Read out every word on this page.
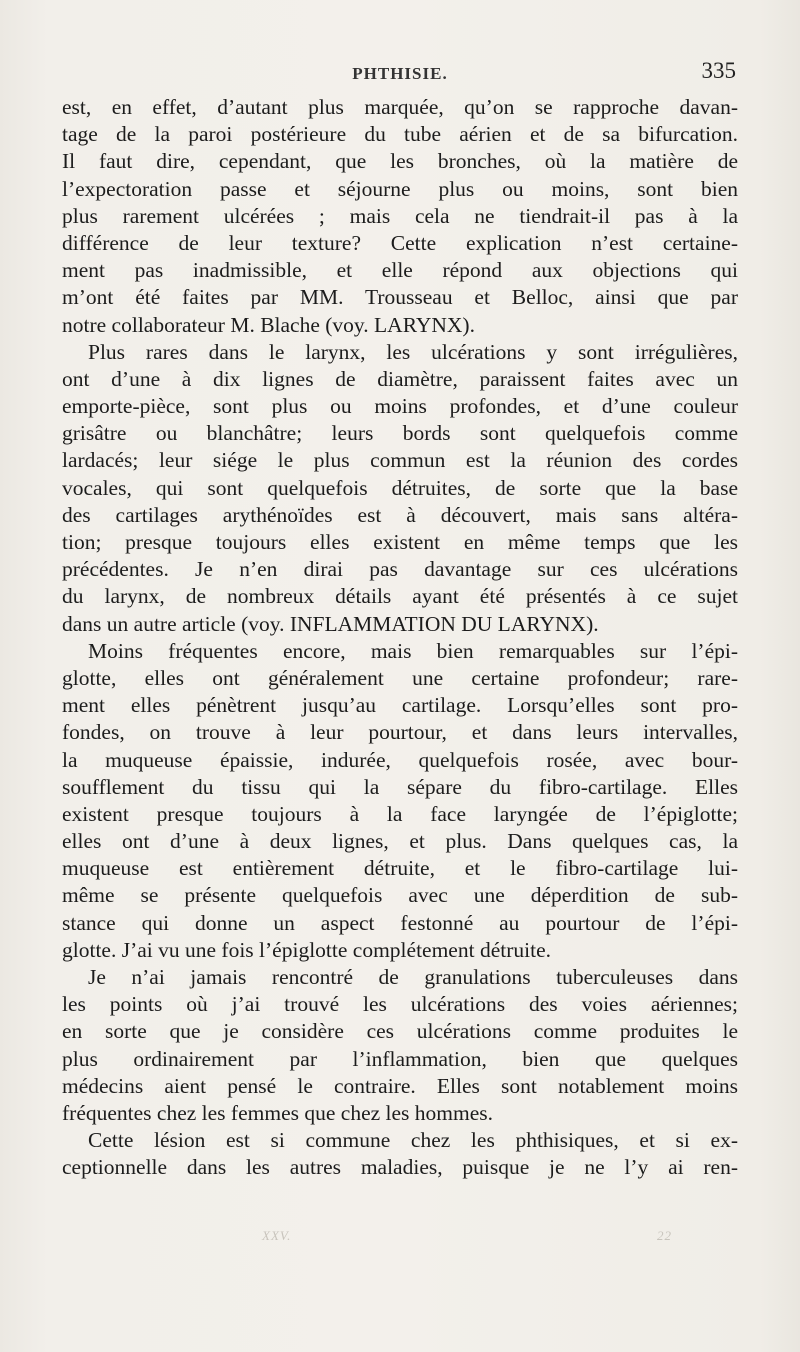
PHTHISIE.	335
est, en effet, d’autant plus marquée, qu’on se rapproche davan-
tage de la paroi postérieure du tube aérien et de sa bifurcation.
Il faut dire, cependant, que les bronches, où la matière de
l’expectoration passe et séjourne plus ou moins, sont bien
plus rarement ulcérées ; mais cela ne tiendrait-il pas à la
différence de leur texture? Cette explication n’est certaine-
ment pas inadmissible, et elle répond aux objections qui
m’ont été faites par MM. Trousseau et Belloc, ainsi que par
notre collaborateur M. Blache (voy. LARYNX).
Plus rares dans le larynx, les ulcérations y sont irrégulières,
ont d’une à dix lignes de diamètre, paraissent faites avec un
emporte-pièce, sont plus ou moins profondes, et d’une couleur
grisâtre ou blanchâtre; leurs bords sont quelquefois comme
lardacés; leur siége le plus commun est la réunion des cordes
vocales, qui sont quelquefois détruites, de sorte que la base
des cartilages arythénoïdes est à découvert, mais sans altéra-
tion; presque toujours elles existent en même temps que les
précédentes. Je n’en dirai pas davantage sur ces ulcérations
du larynx, de nombreux détails ayant été présentés à ce sujet
dans un autre article (voy. INFLAMMATION DU LARYNX).
Moins fréquentes encore, mais bien remarquables sur l’épi-
glotte, elles ont généralement une certaine profondeur; rare-
ment elles pénètrent jusqu’au cartilage. Lorsqu’elles sont pro-
fondes, on trouve à leur pourtour, et dans leurs intervalles,
la muqueuse épaissie, indurée, quelquefois rosée, avec bour-
soufflement du tissu qui la sépare du fibro-cartilage. Elles
existent presque toujours à la face laryngée de l’épiglotte;
elles ont d’une à deux lignes, et plus. Dans quelques cas, la
muqueuse est entièrement détruite, et le fibro-cartilage lui-
même se présente quelquefois avec une déperdition de sub-
stance qui donne un aspect festonné au pourtour de l’épi-
glotte. J’ai vu une fois l’épiglotte complétement détruite.
Je n’ai jamais rencontré de granulations tuberculeuses dans
les points où j’ai trouvé les ulcérations des voies aériennes;
en sorte que je considère ces ulcérations comme produites le
plus ordinairement par l’inflammation, bien que quelques
médecins aient pensé le contraire. Elles sont notablement moins
fréquentes chez les femmes que chez les hommes.
Cette lésion est si commune chez les phthisiques, et si ex-
ceptionnelle dans les autres maladies, puisque je ne l’y ai ren-
XXV.	22
